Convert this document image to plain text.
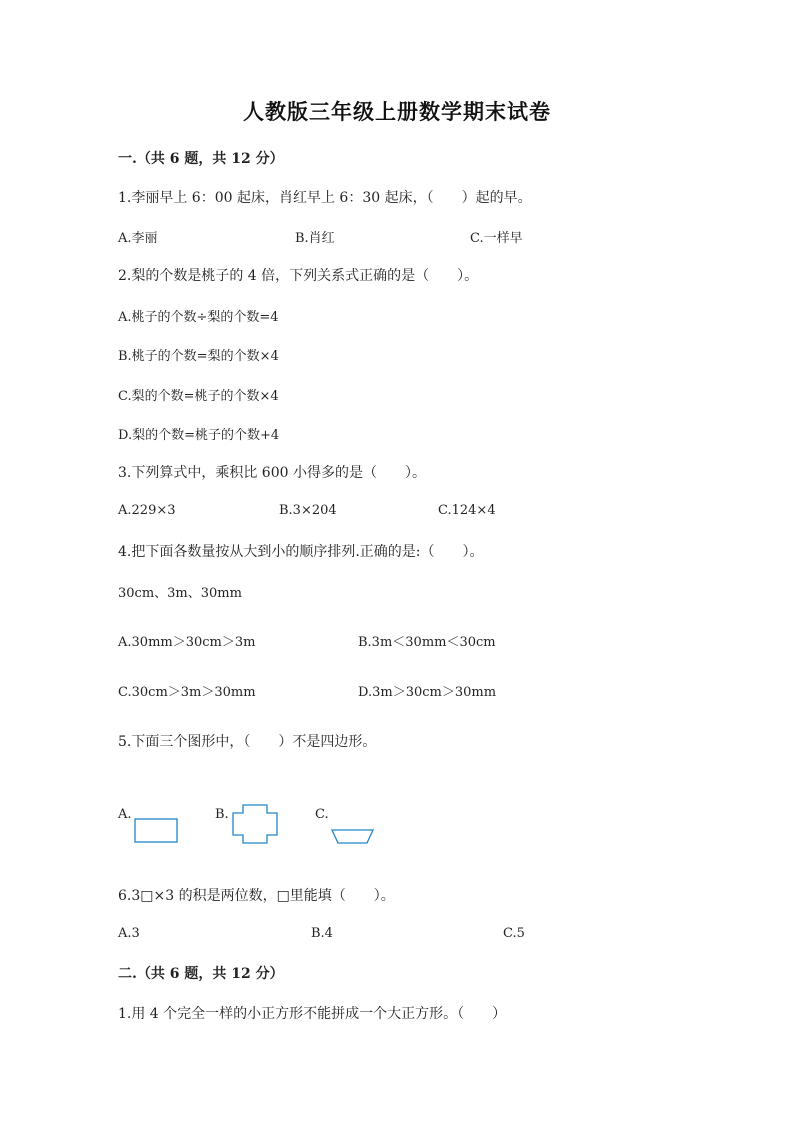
人教版三年级上册数学期末试卷
一.（共 6 题，共 12 分）
1.李丽早上 6：00 起床，肖红早上 6：30 起床，（　　）起的早。
A.李丽	B.肖红	C.一样早
2.梨的个数是桃子的 4 倍，下列关系式正确的是（　　）。
A.桃子的个数÷梨的个数=4
B.桃子的个数=梨的个数×4
C.梨的个数=桃子的个数×4
D.梨的个数=桃子的个数+4
3.下列算式中，乘积比 600 小得多的是（　　）。
A.229×3	B.3×204	C.124×4
4.把下面各数量按从大到小的顺序排列.正确的是:（　　）。
30cm、3m、30mm
A.30mm＞30cm＞3m	B.3m＜30mm＜30cm
C.30cm＞3m＞30mm	D.3m＞30cm＞30mm
5.下面三个图形中，（　　）不是四边形。
A.	B.	C.
6.3□×3 的积是两位数，□里能填（　　）。
A.3	B.4	C.5
二.（共 6 题，共 12 分）
1.用 4 个完全一样的小正方形不能拼成一个大正方形。（　　）
